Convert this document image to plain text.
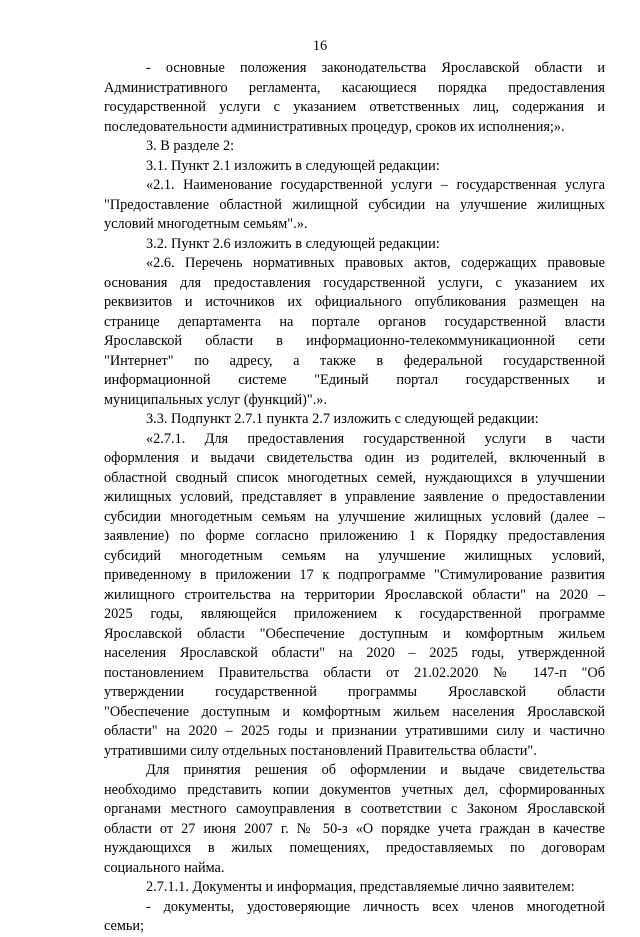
16
- основные положения законодательства Ярославской области и
Административного регламента, касающиеся порядка предоставления
государственной услуги с указанием ответственных лиц, содержания и
последовательности административных процедур, сроков их исполнения;».
3. В разделе 2:
3.1. Пункт 2.1 изложить в следующей редакции:
«2.1. Наименование государственной услуги – государственная услуга
"Предоставление областной жилищной субсидии на улучшение жилищных
условий многодетным семьям".».
3.2. Пункт 2.6 изложить в следующей редакции:
«2.6. Перечень нормативных правовых актов, содержащих правовые
основания для предоставления государственной услуги, с указанием их
реквизитов и источников их официального опубликования размещен на
странице департамента на портале органов государственной власти
Ярославской области в информационно-телекоммуникационной сети
"Интернет" по адресу, а также в федеральной государственной
информационной системе "Единый портал государственных и
муниципальных услуг (функций)".».
3.3. Подпункт 2.7.1 пункта 2.7 изложить с следующей редакции:
«2.7.1. Для предоставления государственной услуги в части
оформления и выдачи свидетельства один из родителей, включенный в
областной сводный список многодетных семей, нуждающихся в улучшении
жилищных условий, представляет в управление заявление о предоставлении
субсидии многодетным семьям на улучшение жилищных условий (далее –
заявление) по форме согласно приложению 1 к Порядку предоставления
субсидий многодетным семьям на улучшение жилищных условий,
приведенному в приложении 17 к подпрограмме "Стимулирование развития
жилищного строительства на территории Ярославской области" на 2020 –
2025 годы, являющейся приложением к государственной программе
Ярославской области "Обеспечение доступным и комфортным жильем
населения Ярославской области" на 2020 – 2025 годы, утвержденной
постановлением Правительства области от 21.02.2020 № 147-п "Об
утверждении государственной программы Ярославской области
"Обеспечение доступным и комфортным жильем населения Ярославской
области" на 2020 – 2025 годы и признании утратившими силу и частично
утратившими силу отдельных постановлений Правительства области".
Для принятия решения об оформлении и выдаче свидетельства
необходимо представить копии документов учетных дел, сформированных
органами местного самоуправления в соответствии с Законом Ярославской
области от 27 июня 2007 г. № 50-з «О порядке учета граждан в качестве
нуждающихся в жилых помещениях, предоставляемых по договорам
социального найма.
2.7.1.1. Документы и информация, представляемые лично заявителем:
- документы, удостоверяющие личность всех членов многодетной
семьи;
